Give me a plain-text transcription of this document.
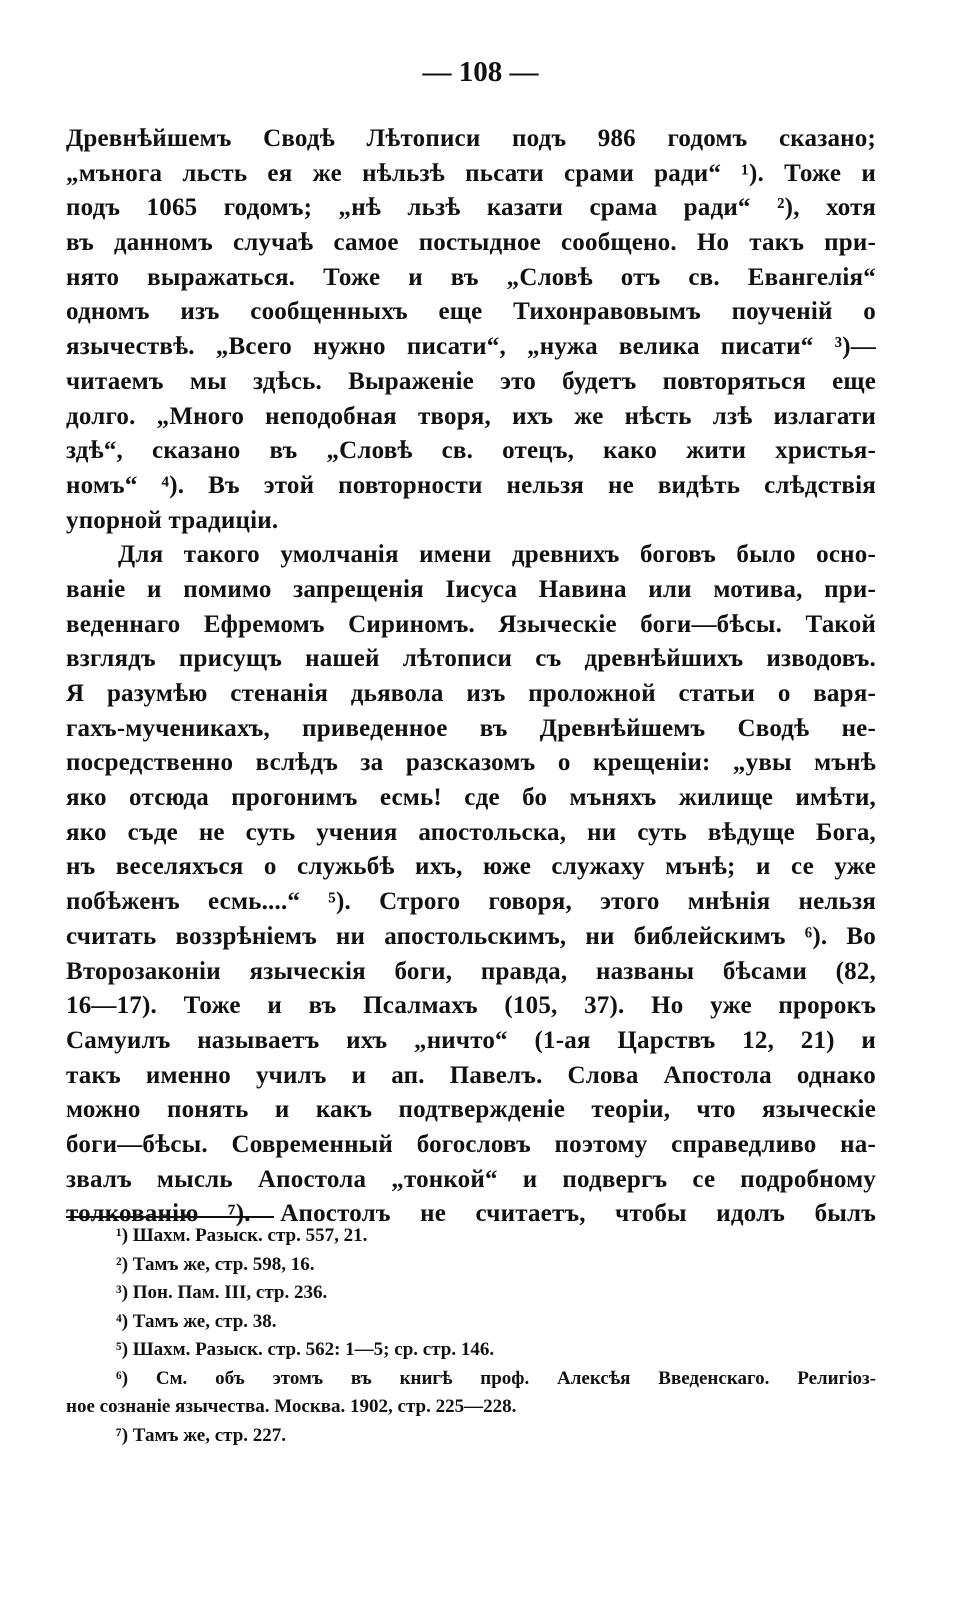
— 108 —
Древнѣйшемъ Сводѣ Лѣтописи подъ 986 годомъ сказано;
„мънога льсть ея же нѣльзѣ пьсати срами ради“ ¹). Тоже и
подъ 1065 годомъ; „нѣ льзѣ казати срама ради“ ²), хотя
въ данномъ случаѣ самое постыдное сообщено. Но такъ при-
нято выражаться. Тоже и въ „Словѣ отъ св. Евангелія“
одномъ изъ сообщенныхъ еще Тихонравовымъ поученій о
язычествѣ. „Всего нужно писати“, „нужа велика писати“ ³)—
читаемъ мы здѣсь. Выраженіе это будетъ повторяться еще
долго. „Много неподобная творя, ихъ же нѣсть лзѣ излагати
здѣ“, сказано въ „Словѣ св. отецъ, како жити христья-
номъ“ ⁴). Въ этой повторности нельзя не видѣть слѣдствія
упорной традиціи.
Для такого умолчанія имени древнихъ боговъ было осно-
ваніе и помимо запрещенія Іисуса Навина или мотива, при-
веденнаго Ефремомъ Сириномъ. Языческіе боги—бѣсы. Такой
взглядъ присущъ нашей лѣтописи съ древнѣйшихъ изводовъ.
Я разумѣю стенанія дьявола изъ проложной статьи о варя-
гахъ-мученикахъ, приведенное въ Древнѣйшемъ Сводѣ не-
посредственно вслѣдъ за разсказомъ о крещеніи: „увы мънѣ
яко отсюда прогонимъ есмь! сде бо мъняхъ жилище имѣти,
яко съде не суть учения апостольска, ни суть вѣдуще Бога,
нъ веселяхъся о служьбѣ ихъ, юже служаху мънѣ; и се уже
побѣженъ есмь....“ ⁵). Строго говоря, этого мнѣнія нельзя
считать воззрѣніемъ ни апостольскимъ, ни библейскимъ ⁶). Во
Второзаконіи языческія боги, правда, названы бѣсами (82,
16—17). Тоже и въ Псалмахъ (105, 37). Но уже пророкъ
Самуилъ называетъ ихъ „ничто“ (1-ая Царствъ 12, 21) и
такъ именно училъ и ап. Павелъ. Слова Апостола однако
можно понять и какъ подтвержденіе теоріи, что языческіе
боги—бѣсы. Современный богословъ поэтому справедливо на-
звалъ мысль Апостола „тонкой“ и подвергъ се подробному
толкованію ⁷). Апостолъ не считаетъ, чтобы идолъ былъ
¹) Шахм. Разыск. стр. 557, 21.
²) Тамъ же, стр. 598, 16.
³) Пон. Пам. III, стр. 236.
⁴) Тамъ же, стр. 38.
⁵) Шахм. Разыск. стр. 562: 1—5; ср. стр. 146.
⁶) См. объ этомъ въ книгѣ проф. Алексѣя Введенскаго. Религіоз-
ное сознаніе язычества. Москва. 1902, стр. 225—228.
⁷) Тамъ же, стр. 227.
